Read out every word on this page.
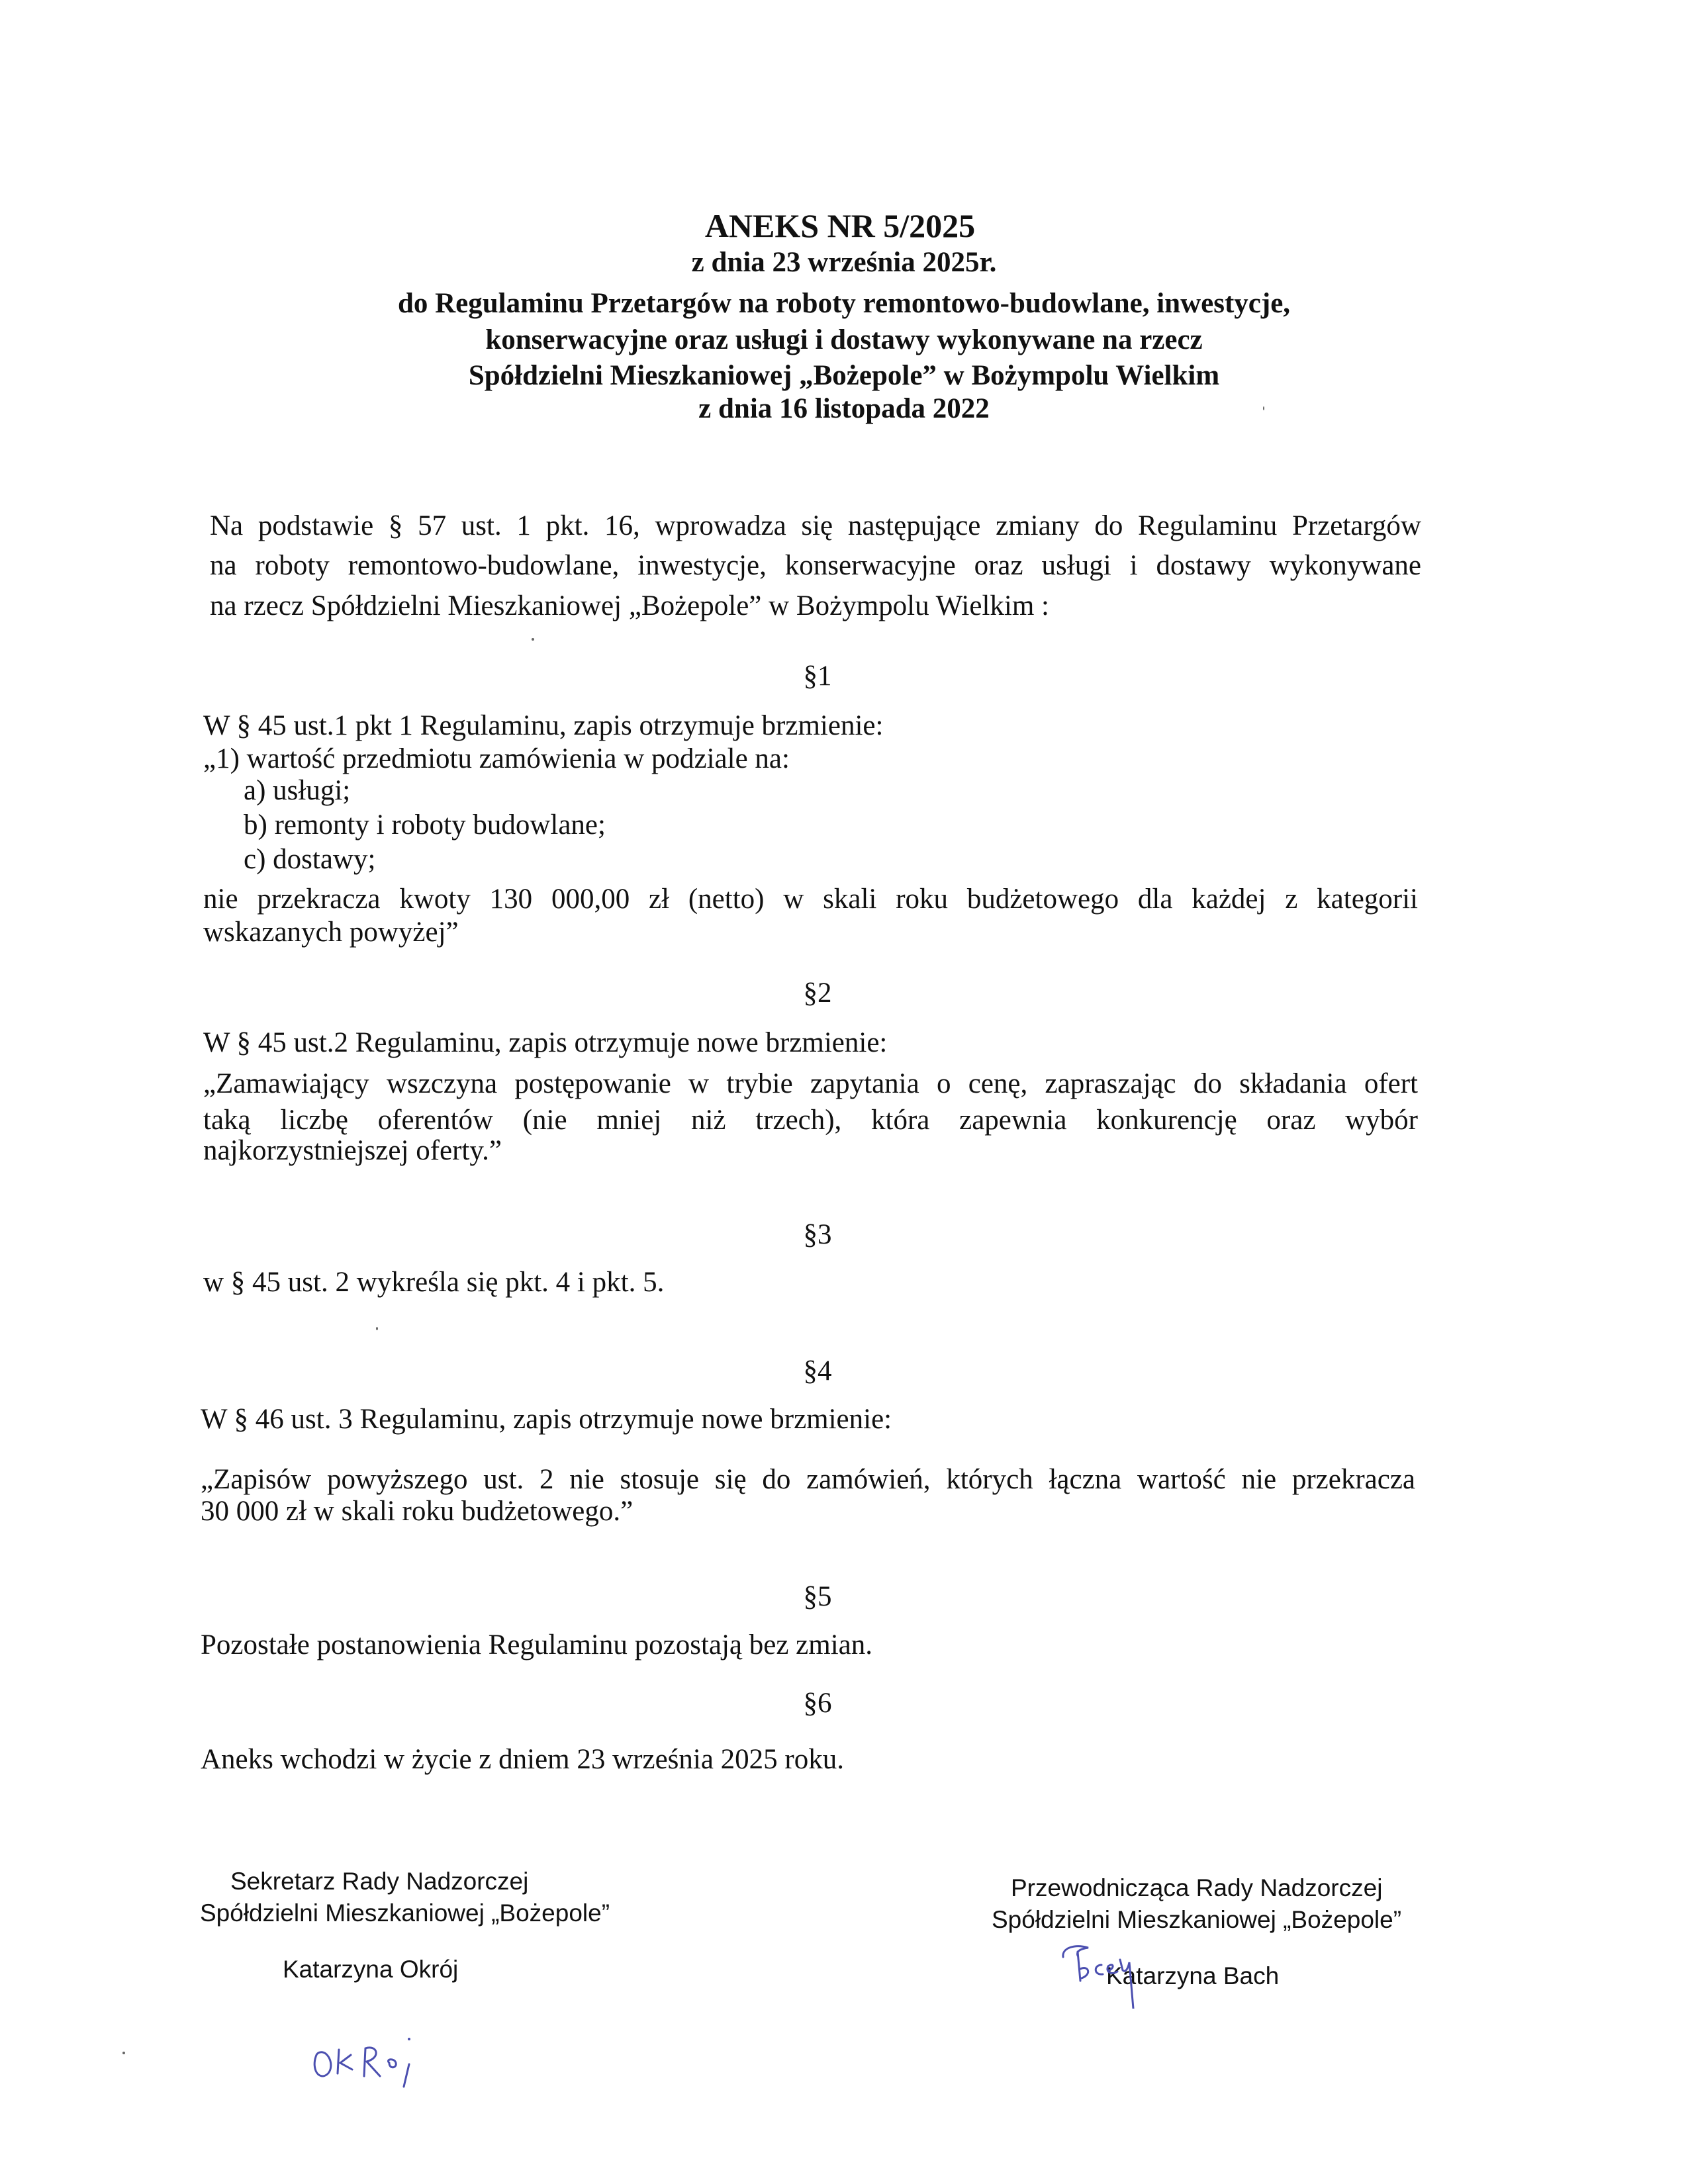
ANEKS NR 5/2025
z dnia 23 września 2025r.
do Regulaminu Przetargów na roboty remontowo-budowlane, inwestycje,
konserwacyjne oraz usługi i dostawy wykonywane na rzecz
Spółdzielni Mieszkaniowej „Bożepole” w Bożympolu Wielkim
z dnia 16 listopada 2022
Na podstawie § 57 ust. 1 pkt. 16, wprowadza się następujące zmiany do Regulaminu Przetargów
na roboty remontowo-budowlane, inwestycje, konserwacyjne oraz usługi i dostawy wykonywane
na rzecz Spółdzielni Mieszkaniowej „Bożepole” w Bożympolu Wielkim :
§1
W § 45 ust.1 pkt 1 Regulaminu, zapis otrzymuje brzmienie:
„1) wartość przedmiotu zamówienia w podziale na:
a) usługi;
b) remonty i roboty budowlane;
c) dostawy;
nie przekracza kwoty 130 000,00 zł (netto) w skali roku budżetowego dla każdej z kategorii
wskazanych powyżej”
§2
W § 45 ust.2 Regulaminu, zapis otrzymuje nowe brzmienie:
„Zamawiający wszczyna postępowanie w trybie zapytania o cenę, zapraszając do składania ofert
taką liczbę oferentów (nie mniej niż trzech), która zapewnia konkurencję oraz wybór
najkorzystniejszej oferty.”
§3
w § 45 ust. 2 wykreśla się pkt. 4 i pkt. 5.
§4
W § 46 ust. 3 Regulaminu, zapis otrzymuje nowe brzmienie:
„Zapisów powyższego ust. 2 nie stosuje się do zamówień, których łączna wartość nie przekracza
30 000 zł w skali roku budżetowego.”
§5
Pozostałe postanowienia Regulaminu pozostają bez zmian.
§6
Aneks wchodzi w życie z dniem 23 września 2025 roku.
Sekretarz Rady Nadzorczej
Spółdzielni Mieszkaniowej „Bożepole”
Katarzyna Okrój
Przewodnicząca Rady Nadzorczej
Spółdzielni Mieszkaniowej „Bożepole”
Katarzyna Bach
